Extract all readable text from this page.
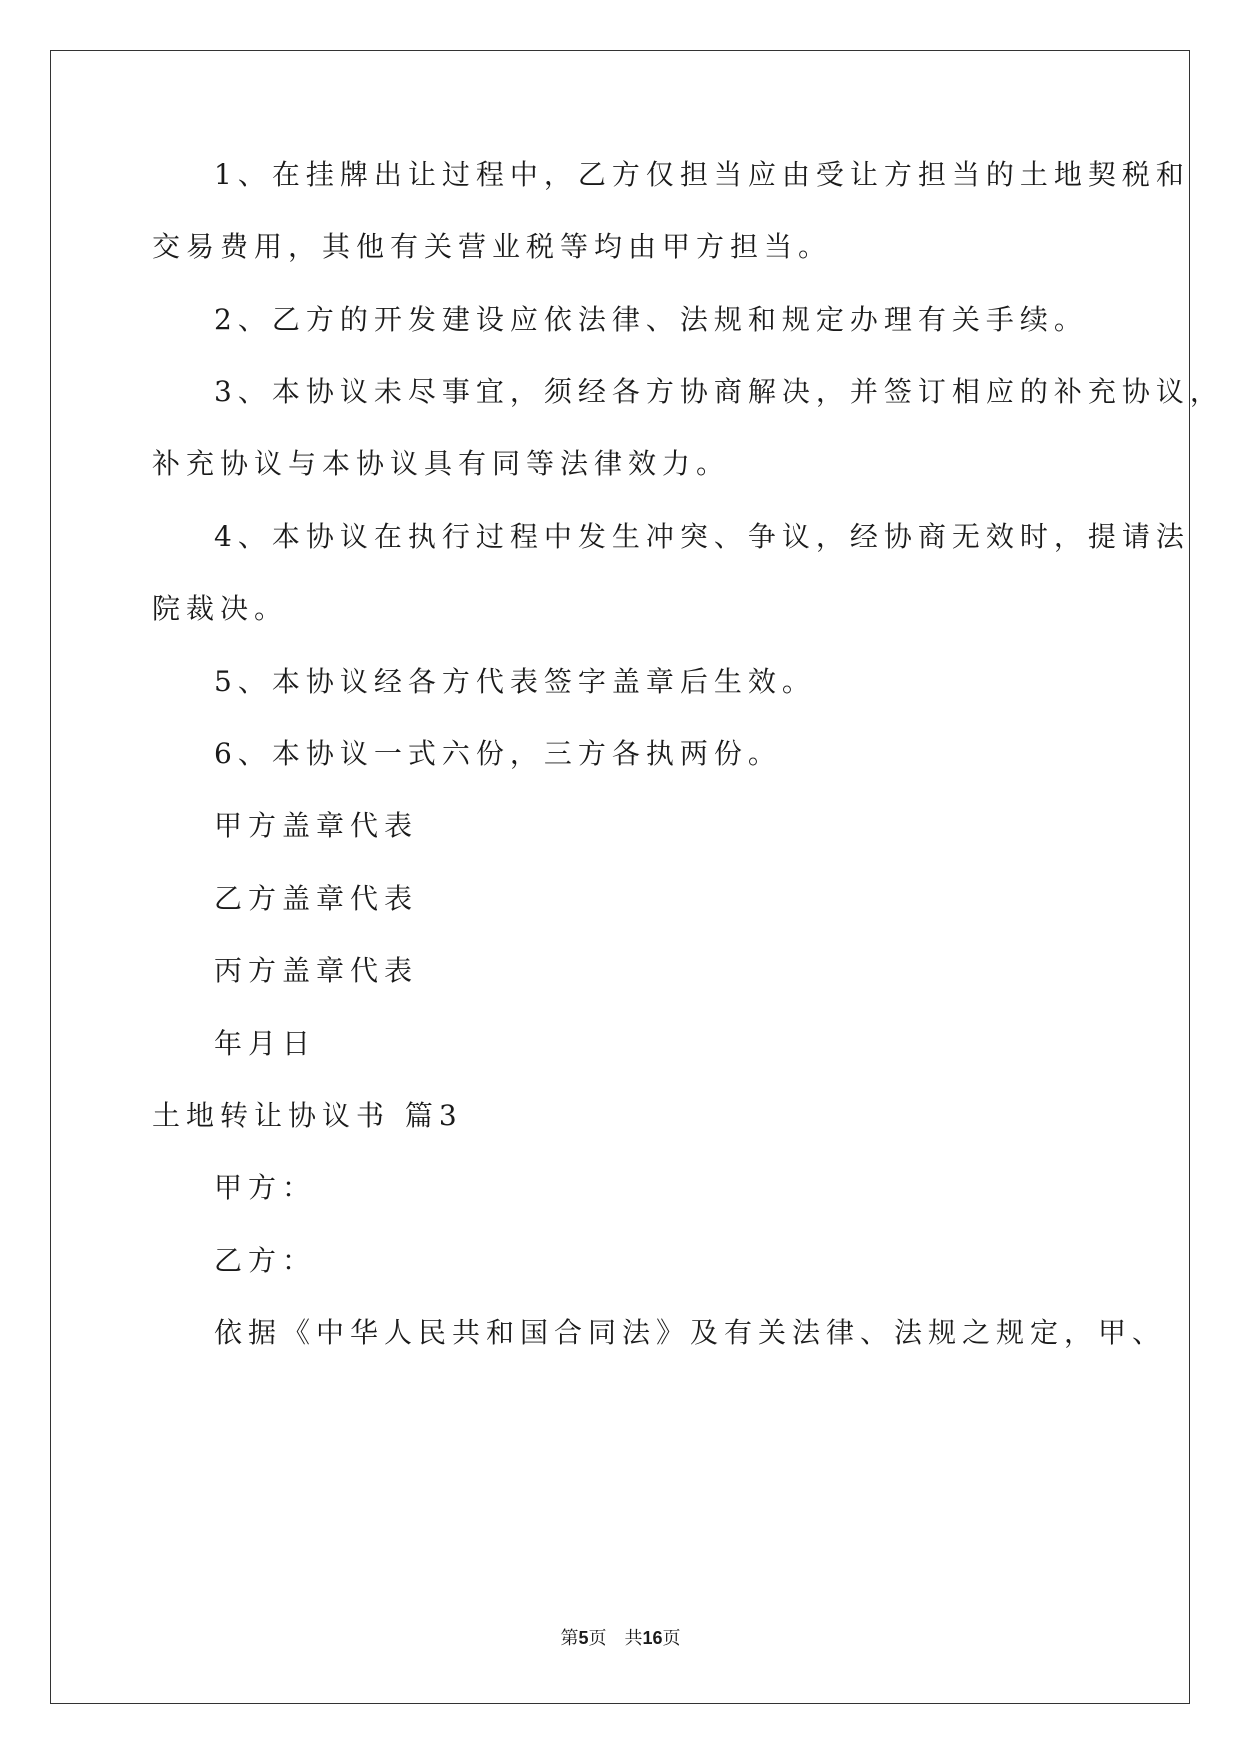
1、在挂牌出让过程中，乙方仅担当应由受让方担当的土地契税和
交易费用，其他有关营业税等均由甲方担当。
2、乙方的开发建设应依法律、法规和规定办理有关手续。
3、本协议未尽事宜，须经各方协商解决，并签订相应的补充协议，
补充协议与本协议具有同等法律效力。
4、本协议在执行过程中发生冲突、争议，经协商无效时，提请法
院裁决。
5、本协议经各方代表签字盖章后生效。
6、本协议一式六份，三方各执两份。
甲方盖章代表
乙方盖章代表
丙方盖章代表
年月日
土地转让协议书 篇3
甲方：
乙方：
依据《中华人民共和国合同法》及有关法律、法规之规定，甲、
第5页　共16页
